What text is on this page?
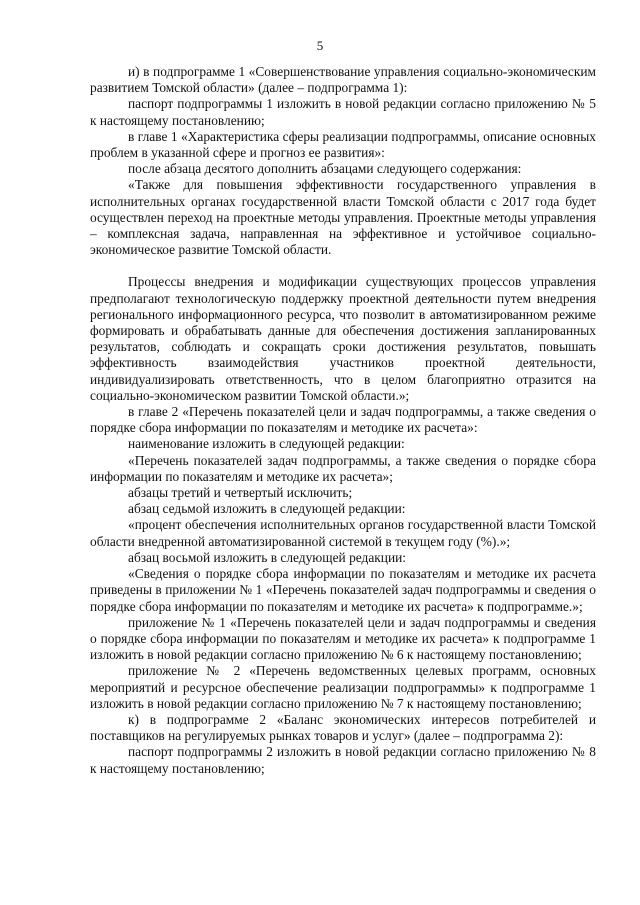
5

и) в подпрограмме 1 «Совершенствование управления социально-экономическим развитием Томской области» (далее – подпрограмма 1):

паспорт подпрограммы 1 изложить в новой редакции согласно приложению № 5 к настоящему постановлению;

в главе 1 «Характеристика сферы реализации подпрограммы, описание основных проблем в указанной сфере и прогноз ее развития»:

после абзаца десятого дополнить абзацами следующего содержания:

«Также для повышения эффективности государственного управления в исполнительных органах государственной власти Томской области с 2017 года будет осуществлен переход на проектные методы управления. Проектные методы управления – комплексная задача, направленная на эффективное и устойчивое социально-экономическое развитие Томской области.

Процессы внедрения и модификации существующих процессов управления предполагают технологическую поддержку проектной деятельности путем внедрения регионального информационного ресурса, что позволит в автоматизированном режиме формировать и обрабатывать данные для обеспечения достижения запланированных результатов, соблюдать и сокращать сроки достижения результатов, повышать эффективность взаимодействия участников проектной деятельности, индивидуализировать ответственность, что в целом благоприятно отразится на социально-экономическом развитии Томской области.»;

в главе 2 «Перечень показателей цели и задач подпрограммы, а также сведения о порядке сбора информации по показателям и методике их расчета»:

наименование изложить в следующей редакции:

«Перечень показателей задач подпрограммы, а также сведения о порядке сбора информации по показателям и методике их расчета»;

абзацы третий и четвертый исключить;

абзац седьмой изложить в следующей редакции:

«процент обеспечения исполнительных органов государственной власти Томской области внедренной автоматизированной системой в текущем году (%).»;

абзац восьмой изложить в следующей редакции:

«Сведения о порядке сбора информации по показателям и методике их расчета приведены в приложении № 1 «Перечень показателей задач подпрограммы и сведения о порядке сбора информации по показателям и методике их расчета» к подпрограмме.»;

приложение № 1 «Перечень показателей цели и задач подпрограммы и сведения о порядке сбора информации по показателям и методике их расчета» к подпрограмме 1 изложить в новой редакции согласно приложению № 6 к настоящему постановлению;

приложение № 2 «Перечень ведомственных целевых программ, основных мероприятий и ресурсное обеспечение реализации подпрограммы» к подпрограмме 1 изложить в новой редакции согласно приложению № 7 к настоящему постановлению;

к) в подпрограмме 2 «Баланс экономических интересов потребителей и поставщиков на регулируемых рынках товаров и услуг» (далее – подпрограмма 2):

паспорт подпрограммы 2 изложить в новой редакции согласно приложению № 8 к настоящему постановлению;
